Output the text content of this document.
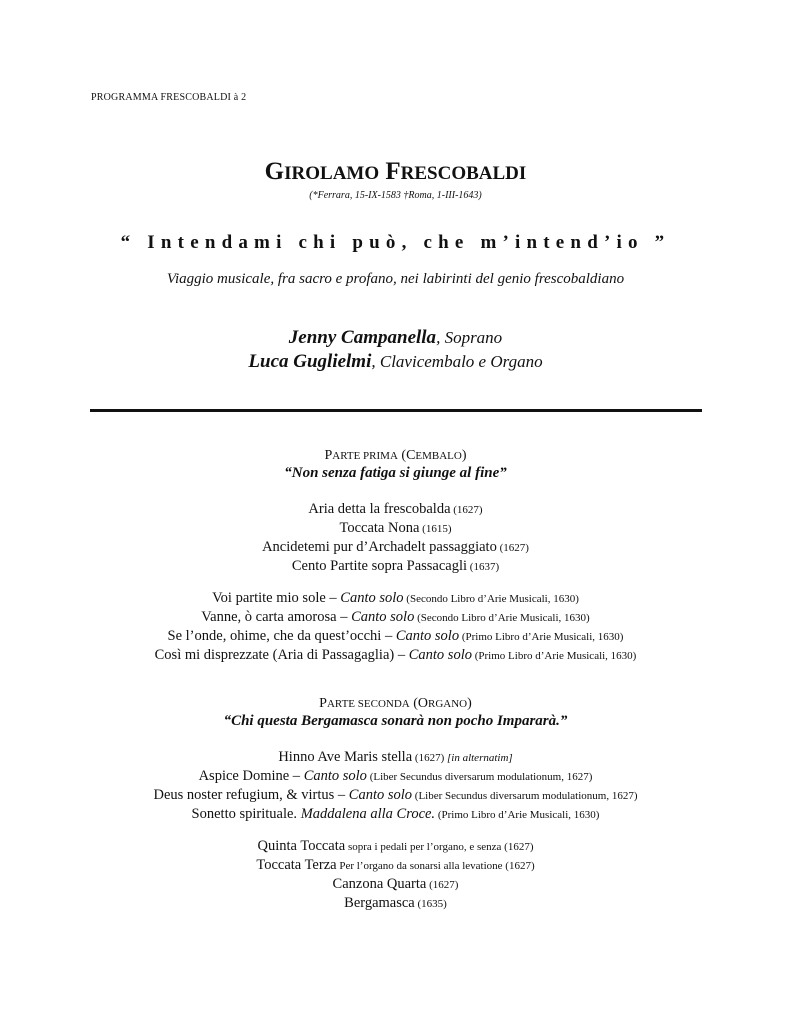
PROGRAMMA FRESCOBALDI à 2
GIROLAMO FRESCOBALDI
(*Ferrara, 15-IX-1583 †Roma, 1-III-1643)
“ Intendami chi può, che m’intend’io ”
Viaggio musicale, fra sacro e profano, nei labirinti del genio frescobaldiano
Jenny Campanella, Soprano
Luca Guglielmi, Clavicembalo e Organo
PARTE PRIMA (CEMBALO)
“Non senza fatiga si giunge al fine”
Aria detta la frescobalda (1627)
Toccata Nona (1615)
Ancidetemi pur d’Archadelt passaggiato (1627)
Cento Partite sopra Passacagli (1637)
Voi partite mio sole – Canto solo (Secondo Libro d’Arie Musicali, 1630)
Vanne, ò carta amorosa – Canto solo (Secondo Libro d’Arie Musicali, 1630)
Se l’onde, ohime, che da quest’occhi – Canto solo (Primo Libro d’Arie Musicali, 1630)
Così mi disprezzate (Aria di Passagaglia) – Canto solo (Primo Libro d’Arie Musicali, 1630)
PARTE SECONDA (ORGANO)
“Chi questa Bergamasca sonarà non pocho Impararà.”
Hinno Ave Maris stella (1627) [in alternatim]
Aspice Domine – Canto solo (Liber Secundus diversarum modulationum, 1627)
Deus noster refugium, & virtus – Canto solo (Liber Secundus diversarum modulationum, 1627)
Sonetto spirituale. Maddalena alla Croce. (Primo Libro d’Arie Musicali, 1630)
Quinta Toccata sopra i pedali per l’organo, e senza (1627)
Toccata Terza Per l’organo da sonarsi alla levatione (1627)
Canzona Quarta (1627)
Bergamasca (1635)
